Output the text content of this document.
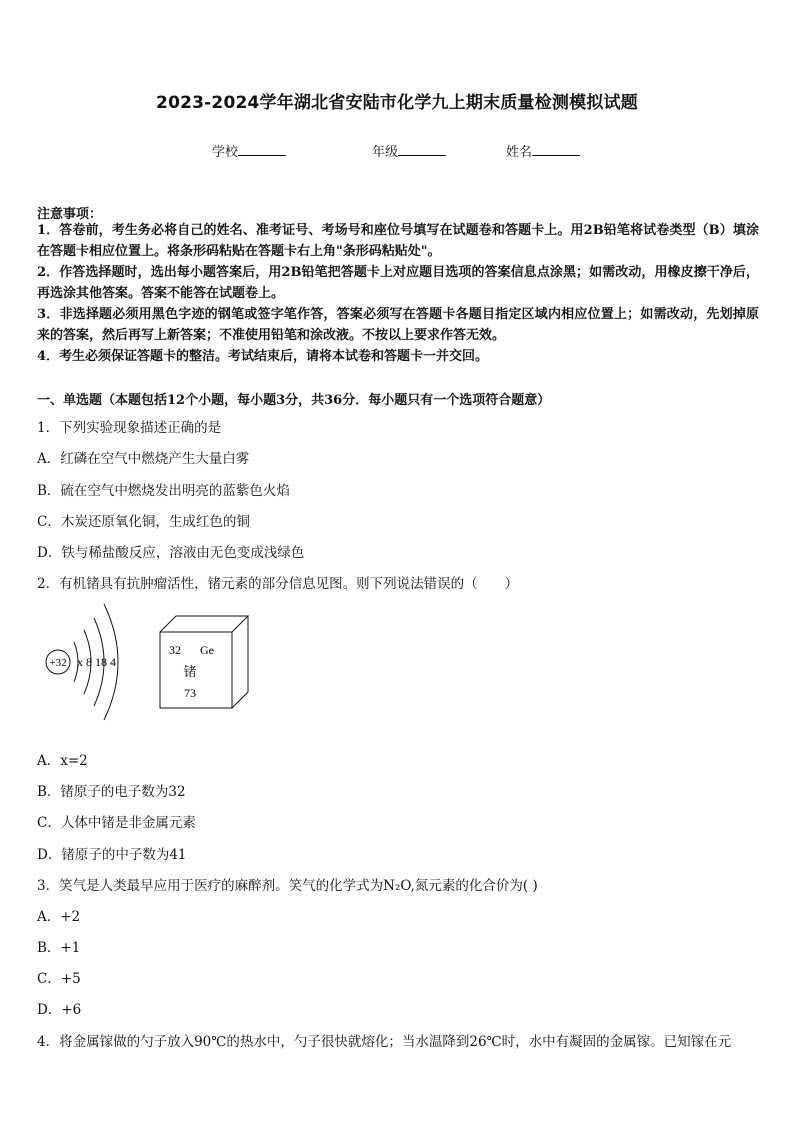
2023-2024学年湖北省安陆市化学九上期末质量检测模拟试题
学校	年级	姓名
注意事项：
1．答卷前，考生务必将自己的姓名、准考证号、考场号和座位号填写在试题卷和答题卡上。用2B铅笔将试卷类型（B）填涂在答题卡相应位置上。将条形码粘贴在答题卡右上角"条形码粘贴处"。
2．作答选择题时，选出每小题答案后，用2B铅笔把答题卡上对应题目选项的答案信息点涂黑；如需改动，用橡皮擦干净后，再选涂其他答案。答案不能答在试题卷上。
3．非选择题必须用黑色字迹的钢笔或签字笔作答，答案必须写在答题卡各题目指定区域内相应位置上；如需改动，先划掉原来的答案，然后再写上新答案；不准使用铅笔和涂改液。不按以上要求作答无效。
4．考生必须保证答题卡的整洁。考试结束后，请将本试卷和答题卡一并交回。
一、单选题（本题包括12个小题，每小题3分，共36分．每小题只有一个选项符合题意）
1．下列实验现象描述正确的是
A．红磷在空气中燃烧产生大量白雾
B．硫在空气中燃烧发出明亮的蓝紫色火焰
C．木炭还原氧化铜，生成红色的铜
D．铁与稀盐酸反应，溶液由无色变成浅绿色
2．有机锗具有抗肿瘤活性，锗元素的部分信息见图。则下列说法错误的（　　）
+32 x 8 18 4
32 Ge
锗
73
A．x=2
B．锗原子的电子数为32
C．人体中锗是非金属元素
D．锗原子的中子数为41
3．笑气是人类最早应用于医疗的麻醉剂。笑气的化学式为N₂O,氮元素的化合价为( )
A．+2
B．+1
C．+5
D．+6
4．将金属镓做的勺子放入90℃的热水中，勺子很快就熔化；当水温降到26℃时，水中有凝固的金属镓。已知镓在元
